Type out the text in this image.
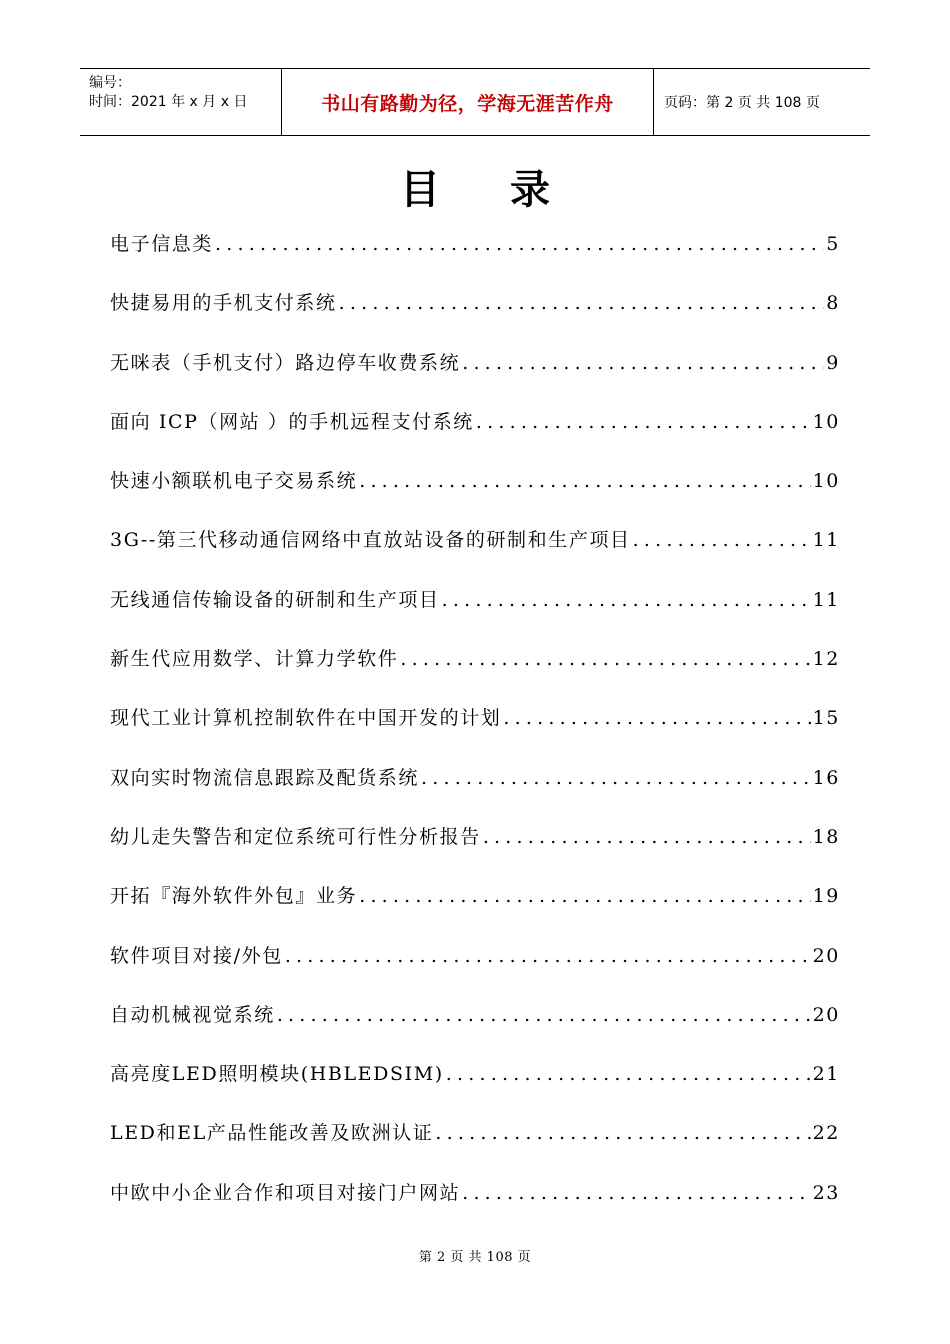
编号：
时间：2021 年 x 月 x 日	书山有路勤为径，学海无涯苦作舟	页码：第 2 页 共 108 页
目录
电子信息类 .....	5
快捷易用的手机支付系统 .....	8
无咪表（手机支付）路边停车收费系统 .....	9
面向 ICP（网站 ）的手机远程支付系统 .....	10
快速小额联机电子交易系统 .....	10
3G--第三代移动通信网络中直放站设备的研制和生产项目 .....	11
无线通信传输设备的研制和生产项目 .....	11
新生代应用数学、计算力学软件 .....	12
现代工业计算机控制软件在中国开发的计划 .....	15
双向实时物流信息跟踪及配货系统 .....	16
幼儿走失警告和定位系统可行性分析报告 .....	18
开拓『海外软件外包』业务 .....	19
软件项目对接/外包 .....	20
自动机械视觉系统 .....	20
高亮度LED照明模块(HBLEDSIM) .....	21
LED和EL产品性能改善及欧洲认证 .....	22
中欧中小企业合作和项目对接门户网站 .....	23
第 2 页 共 108 页
